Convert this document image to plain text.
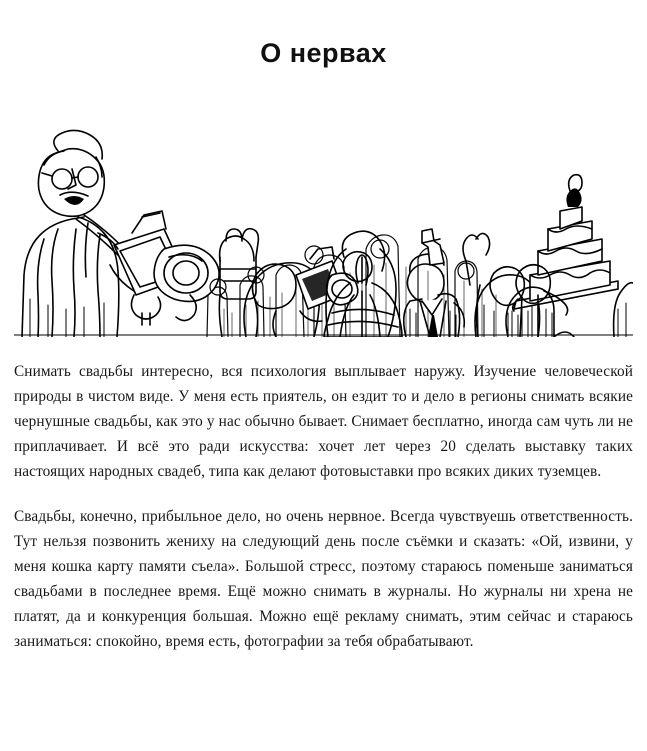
О нервах

Снимать свадьбы интересно, вся психология выплывает наружу. Изучение человеческой природы в чистом виде. У меня есть приятель, он ездит то и дело в регионы снимать всякие чернушные свадьбы, как это у нас обычно бывает. Снимает бесплатно, иногда сам чуть ли не приплачивает. И всё это ради искусства: хочет лет через 20 сделать выставку таких настоящих народных свадеб, типа как делают фотовыставки про всяких диких туземцев.

Свадьбы, конечно, прибыльное дело, но очень нервное. Всегда чувствуешь ответственность. Тут нельзя позвонить жениху на следующий день после съёмки и сказать: «Ой, извини, у меня кошка карту памяти съела». Большой стресс, поэтому стараюсь поменьше заниматься свадьбами в последнее время. Ещё можно снимать в журналы. Но журналы ни хрена не платят, да и конкуренция большая. Можно ещё рекламу снимать, этим сейчас и стараюсь заниматься: спокойно, время есть, фотографии за тебя обрабатывают.
